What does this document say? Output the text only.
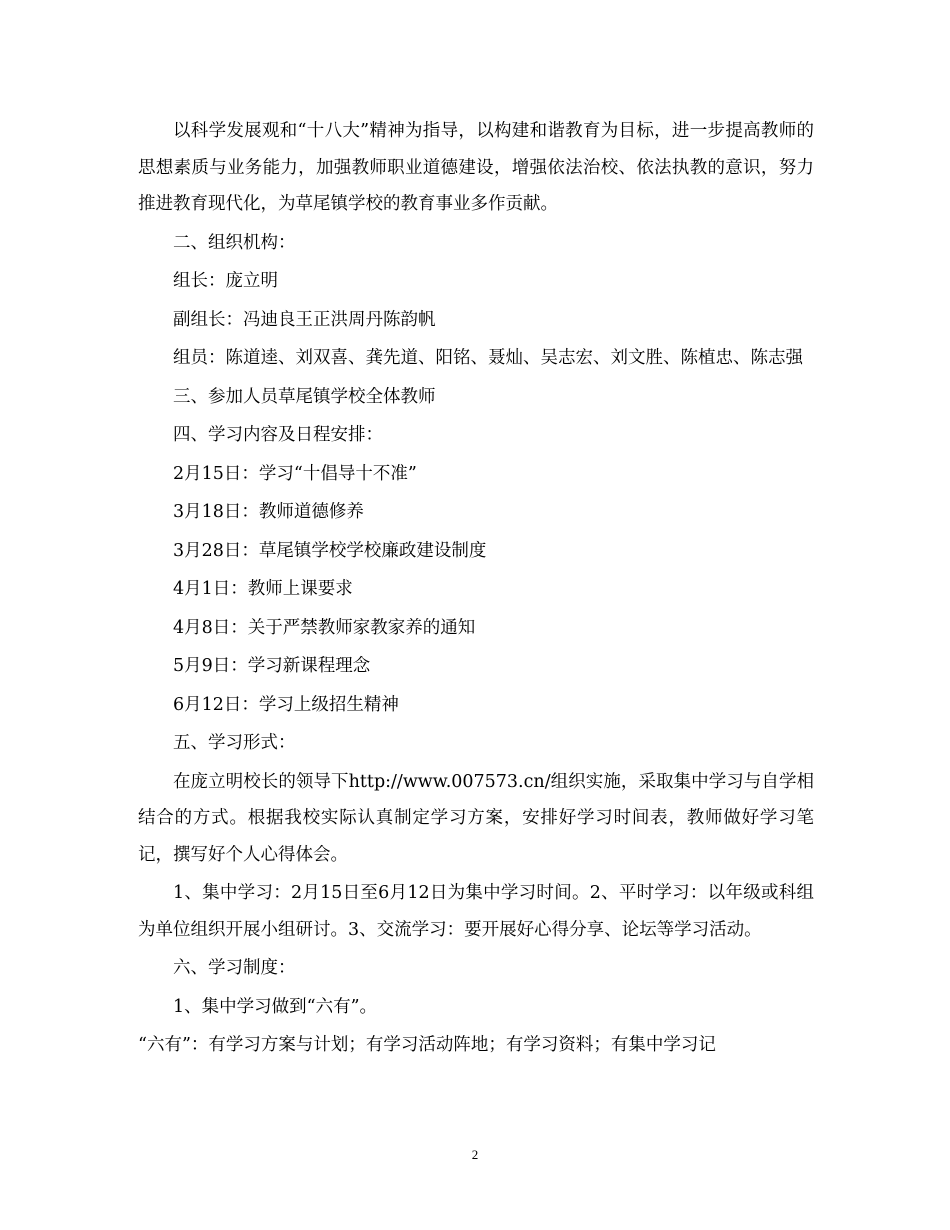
以科学发展观和“十八大”精神为指导，以构建和谐教育为目标，进一步提高教师的思想素质与业务能力，加强教师职业道德建设，增强依法治校、依法执教的意识，努力推进教育现代化，为草尾镇学校的教育事业多作贡献。

二、组织机构：

组长：庞立明

副组长：冯迪良王正洪周丹陈韵帆

组员：陈道逵、刘双喜、龚先道、阳铭、聂灿、吴志宏、刘文胜、陈植忠、陈志强

三、参加人员草尾镇学校全体教师

四、学习内容及日程安排：

2月15日：学习“十倡导十不准”

3月18日：教师道德修养

3月28日：草尾镇学校学校廉政建设制度

4月1日：教师上课要求

4月8日：关于严禁教师家教家养的通知

5月9日：学习新课程理念

6月12日：学习上级招生精神

五、学习形式：

在庞立明校长的领导下http://www.007573.cn/组织实施，采取集中学习与自学相结合的方式。根据我校实际认真制定学习方案，安排好学习时间表，教师做好学习笔记，撰写好个人心得体会。

1、集中学习：2月15日至6月12日为集中学习时间。2、平时学习：以年级或科组为单位组织开展小组研讨。3、交流学习：要开展好心得分享、论坛等学习活动。

六、学习制度：

1、集中学习做到“六有”。

“六有”：有学习方案与计划；有学习活动阵地；有学习资料；有集中学习记

2
